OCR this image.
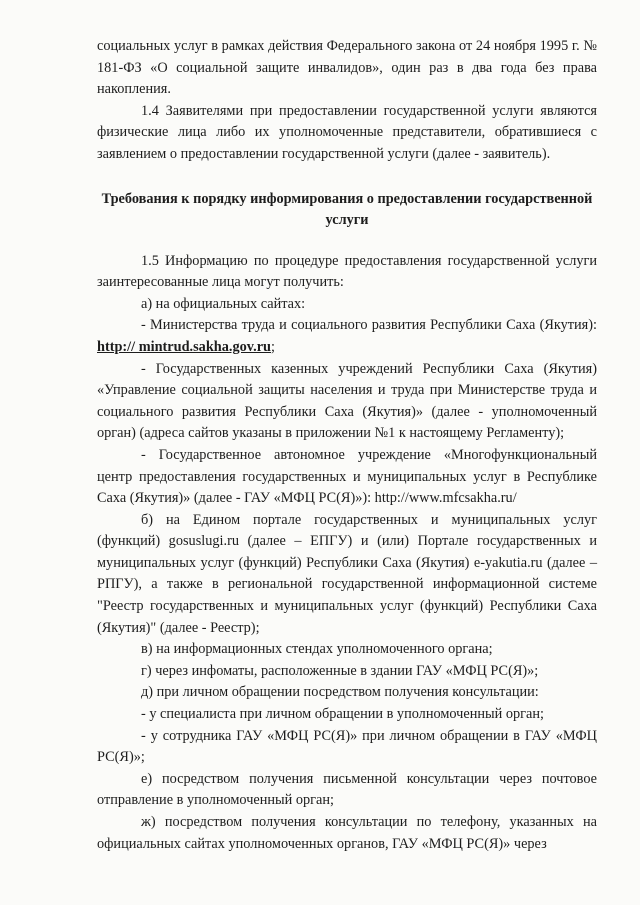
социальных услуг в рамках действия Федерального закона от 24 ноября 1995 г. № 181-ФЗ «О социальной защите инвалидов», один раз в два года без права накопления.

1.4 Заявителями при предоставлении государственной услуги являются физические лица либо их уполномоченные представители, обратившиеся с заявлением о предоставлении государственной услуги (далее - заявитель).

Требования к порядку информирования о предоставлении государственной услуги

1.5 Информацию по процедуре предоставления государственной услуги заинтересованные лица могут получить:

а) на официальных сайтах:

- Министерства труда и социального развития Республики Саха (Якутия): http:// mintrud.sakha.gov.ru;

- Государственных казенных учреждений Республики Саха (Якутия) «Управление социальной защиты населения и труда при Министерстве труда и социального развития Республики Саха (Якутия)» (далее - уполномоченный орган) (адреса сайтов указаны в приложении №1 к настоящему Регламенту);

- Государственное автономное учреждение «Многофункциональный центр предоставления государственных и муниципальных услуг в Республике Саха (Якутия)» (далее - ГАУ «МФЦ РС(Я)»): http://www.mfcsakha.ru/

б) на Едином портале государственных и муниципальных услуг (функций) gosuslugi.ru (далее – ЕПГУ) и (или) Портале государственных и муниципальных услуг (функций) Республики Саха (Якутия) e-yakutia.ru (далее – РПГУ), а также в региональной государственной информационной системе "Реестр государственных и муниципальных услуг (функций) Республики Саха (Якутия)" (далее - Реестр);

в) на информационных стендах уполномоченного органа;

г) через инфоматы, расположенные в здании ГАУ «МФЦ РС(Я)»;

д) при личном обращении посредством получения консультации:

- у специалиста при личном обращении в уполномоченный орган;

- у сотрудника ГАУ «МФЦ РС(Я)» при личном обращении в ГАУ «МФЦ РС(Я)»;

е) посредством получения письменной консультации через почтовое отправление в уполномоченный орган;

ж) посредством получения консультации по телефону, указанных на официальных сайтах уполномоченных органов, ГАУ «МФЦ РС(Я)» через
